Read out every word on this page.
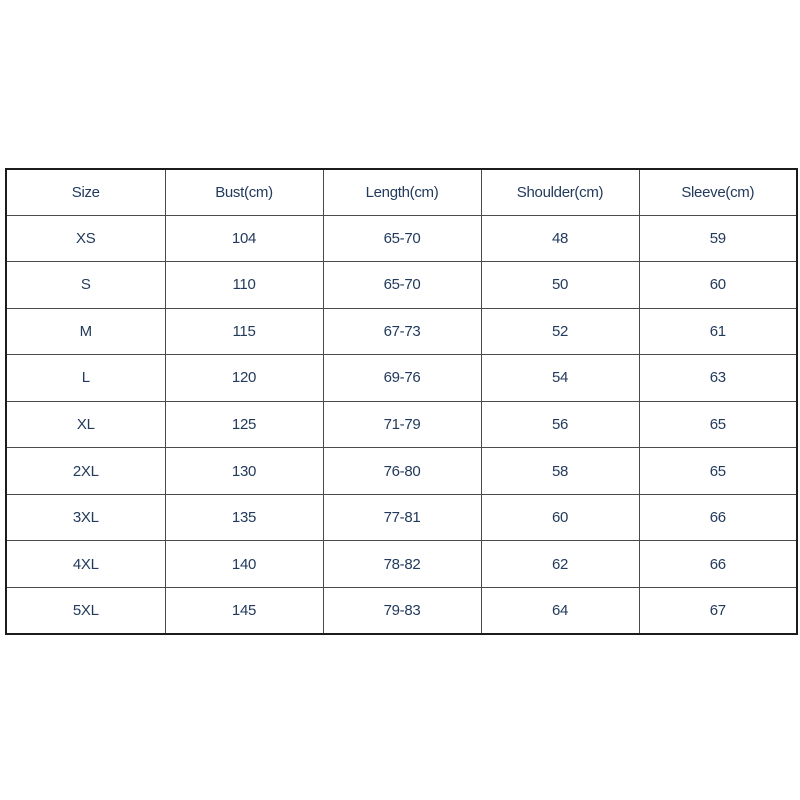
Size	Bust(cm)	Length(cm)	Shoulder(cm)	Sleeve(cm)
XS	104	65-70	48	59
S	110	65-70	50	60
M	115	67-73	52	61
L	120	69-76	54	63
XL	125	71-79	56	65
2XL	130	76-80	58	65
3XL	135	77-81	60	66
4XL	140	78-82	62	66
5XL	145	79-83	64	67
